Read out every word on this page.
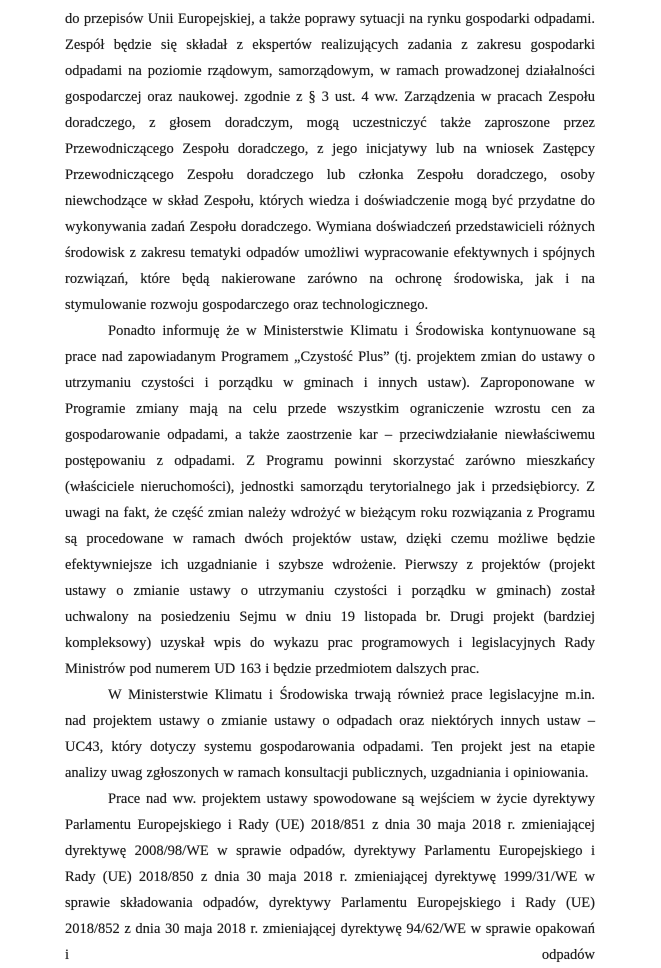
do przepisów Unii Europejskiej, a także poprawy sytuacji na rynku gospodarki odpadami. Zespół będzie się składał z ekspertów realizujących zadania z zakresu gospodarki odpadami na poziomie rządowym, samorządowym, w ramach prowadzonej działalności gospodarczej oraz naukowej. zgodnie z § 3 ust. 4 ww. Zarządzenia w pracach Zespołu doradczego, z głosem doradczym, mogą uczestniczyć także zaproszone przez Przewodniczącego Zespołu doradczego, z jego inicjatywy lub na wniosek Zastępcy Przewodniczącego Zespołu doradczego lub członka Zespołu doradczego, osoby niewchodzące w skład Zespołu, których wiedza i doświadczenie mogą być przydatne do wykonywania zadań Zespołu doradczego. Wymiana doświadczeń przedstawicieli różnych środowisk z zakresu tematyki odpadów umożliwi wypracowanie efektywnych i spójnych rozwiązań, które będą nakierowane zarówno na ochronę środowiska, jak i na stymulowanie rozwoju gospodarczego oraz technologicznego.

Ponadto informuję że w Ministerstwie Klimatu i Środowiska kontynuowane są prace nad zapowiadanym Programem „Czystość Plus” (tj. projektem zmian do ustawy o utrzymaniu czystości i porządku w gminach i innych ustaw). Zaproponowane w Programie zmiany mają na celu przede wszystkim ograniczenie wzrostu cen za gospodarowanie odpadami, a także zaostrzenie kar – przeciwdziałanie niewłaściwemu postępowaniu z odpadami. Z Programu powinni skorzystać zarówno mieszkańcy (właściciele nieruchomości), jednostki samorządu terytorialnego jak i przedsiębiorcy. Z uwagi na fakt, że część zmian należy wdrożyć w bieżącym roku rozwiązania z Programu są procedowane w ramach dwóch projektów ustaw, dzięki czemu możliwe będzie efektywniejsze ich uzgadnianie i szybsze wdrożenie. Pierwszy z projektów (projekt ustawy o zmianie ustawy o utrzymaniu czystości i porządku w gminach) został uchwalony na posiedzeniu Sejmu w dniu 19 listopada br. Drugi projekt (bardziej kompleksowy) uzyskał wpis do wykazu prac programowych i legislacyjnych Rady Ministrów pod numerem UD 163 i będzie przedmiotem dalszych prac.

W Ministerstwie Klimatu i Środowiska trwają również prace legislacyjne m.in. nad projektem ustawy o zmianie ustawy o odpadach oraz niektórych innych ustaw – UC43, który dotyczy systemu gospodarowania odpadami. Ten projekt jest na etapie analizy uwag zgłoszonych w ramach konsultacji publicznych, uzgadniania i opiniowania.

Prace nad ww. projektem ustawy spowodowane są wejściem w życie dyrektywy Parlamentu Europejskiego i Rady (UE) 2018/851 z dnia 30 maja 2018 r. zmieniającej dyrektywę 2008/98/WE w sprawie odpadów, dyrektywy Parlamentu Europejskiego i Rady (UE) 2018/850 z dnia 30 maja 2018 r. zmieniającej dyrektywę 1999/31/WE w sprawie składowania odpadów, dyrektywy Parlamentu Europejskiego i Rady (UE) 2018/852 z dnia 30 maja 2018 r. zmieniającej dyrektywę 94/62/WE w sprawie opakowań i odpadów
